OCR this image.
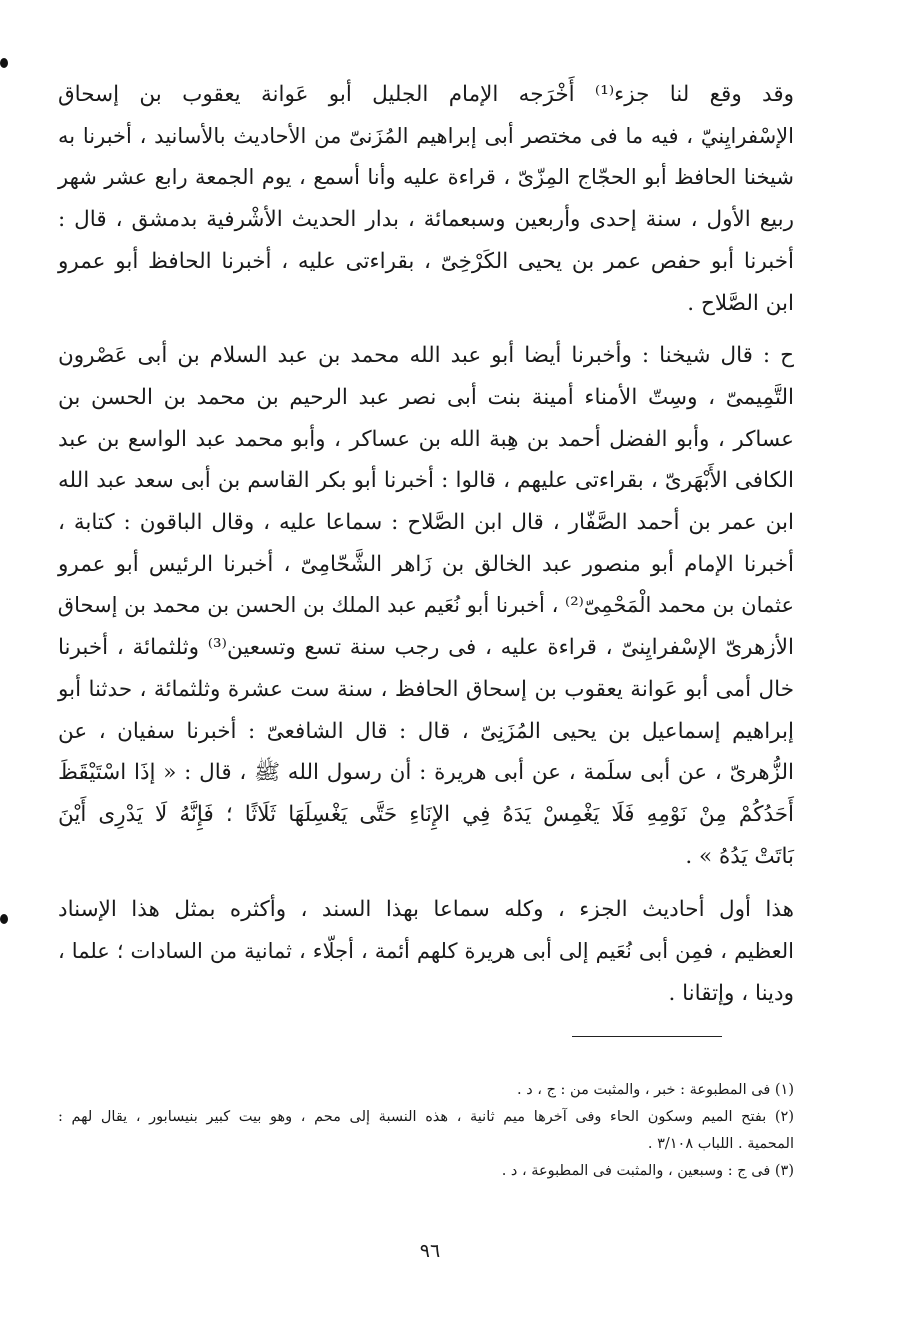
وقد وقع لنا جزء⁽¹⁾ أَخْرَجه الإمام الجليل أبو عَوانة يعقوب بن إسحاق
الإسْفرايِنيّ ، فيه ما فى مختصر أبى إبراهيم المُزَنىّ من الأحاديث بالأسانيد ، أخبرنا به
شيخنا الحافظ أبو الحجّاج المِزّىّ ، قراءة عليه وأنا أسمع ، يوم الجمعة رابع عشر شهر
ربيع الأول ، سنة إحدى وأربعين وسبعمائة ، بدار الحديث الأشْرفية بدمشق ، قال :
أخبرنا أبو حفص عمر بن يحيى الكَرْخِىّ ، بقراءتى عليه ، أخبرنا الحافظ أبو عمرو
ابن الصَّلاح .

ح : قال شيخنا : وأخبرنا أيضا أبو عبد الله محمد بن عبد السلام بن أبى عَصْرون
التَّمِيمىّ ، وسِتّ الأمناء أمينة بنت أبى نصر عبد الرحيم بن محمد بن الحسن بن
عساكر ، وأبو الفضل أحمد بن هِبة الله بن عساكر ، وأبو محمد عبد الواسع بن عبد
الكافى الأَبْهَرىّ ، بقراءتى عليهم ، قالوا : أخبرنا أبو بكر القاسم بن أبى سعد عبد الله
ابن عمر بن أحمد الصَّفّار ، قال ابن الصَّلاح : سماعا عليه ، وقال الباقون : كتابة ،
أخبرنا الإمام أبو منصور عبد الخالق بن زَاهر الشَّحّامِىّ ، أخبرنا الرئيس أبو عمرو
عثمان بن محمد الْمَحْمِىّ⁽²⁾ ، أخبرنا أبو نُعَيم عبد الملك بن الحسن بن محمد بن إسحاق
الأزهرىّ الإسْفرايِنىّ ، قراءة عليه ، فى رجب سنة تسع وتسعين⁽³⁾ وثلثمائة ، أخبرنا
خال أمى أبو عَوانة يعقوب بن إسحاق الحافظ ، سنة ست عشرة وثلثمائة ، حدثنا أبو
إبراهيم إسماعيل بن يحيى المُزَنِىّ ، قال : قال الشافعىّ : أخبرنا سفيان ، عن
الزُّهرىّ ، عن أبى سلَمة ، عن أبى هريرة : أن رسول الله ﷺ ، قال : « إذَا اسْتَيْقَظَ
أَحَدُكُمْ مِنْ نَوْمِهِ فَلَا يَغْمِسْ يَدَهُ فِي الإِنَاءِ حَتَّى يَغْسِلَهَا ثَلَاثًا ؛ فَإِنَّهُ لَا يَدْرِى أَيْنَ
بَاتَتْ يَدُهُ » .

هذا أول أحاديث الجزء ، وكله سماعا بهذا السند ، وأكثره بمثل هذا الإسناد
العظيم ، فمِن أبى نُعَيم إلى أبى هريرة كلهم أئمة ، أجلّاء ، ثمانية من السادات ؛ علما ،
ودينا ، وإتقانا .

(١) فى المطبوعة : خبر ، والمثبت من : ج ، د .
(٢) بفتح الميم وسكون الحاء وفى آخرها ميم ثانية ، هذه النسبة إلى محم ، وهو بيت كبير بنيسابور ، يقال لهم :
المحمية . اللباب ٣/١٠٨ .
(٣) فى ج : وسبعين ، والمثبت فى المطبوعة ، د .
٩٦
